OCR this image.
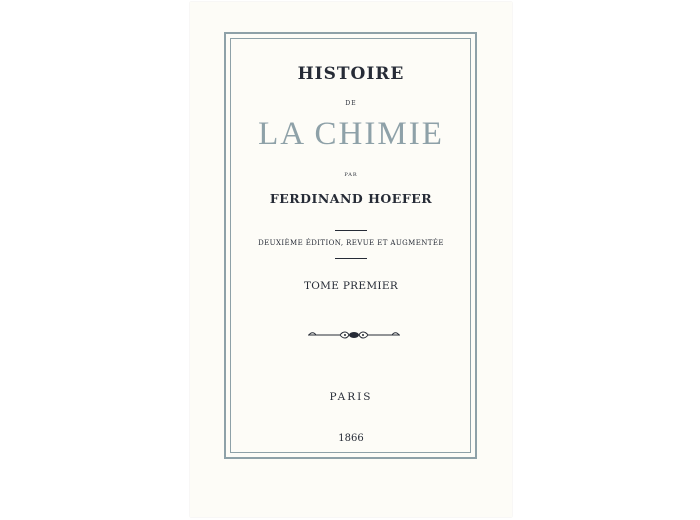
HISTOIRE
DE
LA CHIMIE
PAR
FERDINAND HOEFER
DEUXIÈME ÉDITION, REVUE ET AUGMENTÉE
TOME PREMIER
PARIS
1866
